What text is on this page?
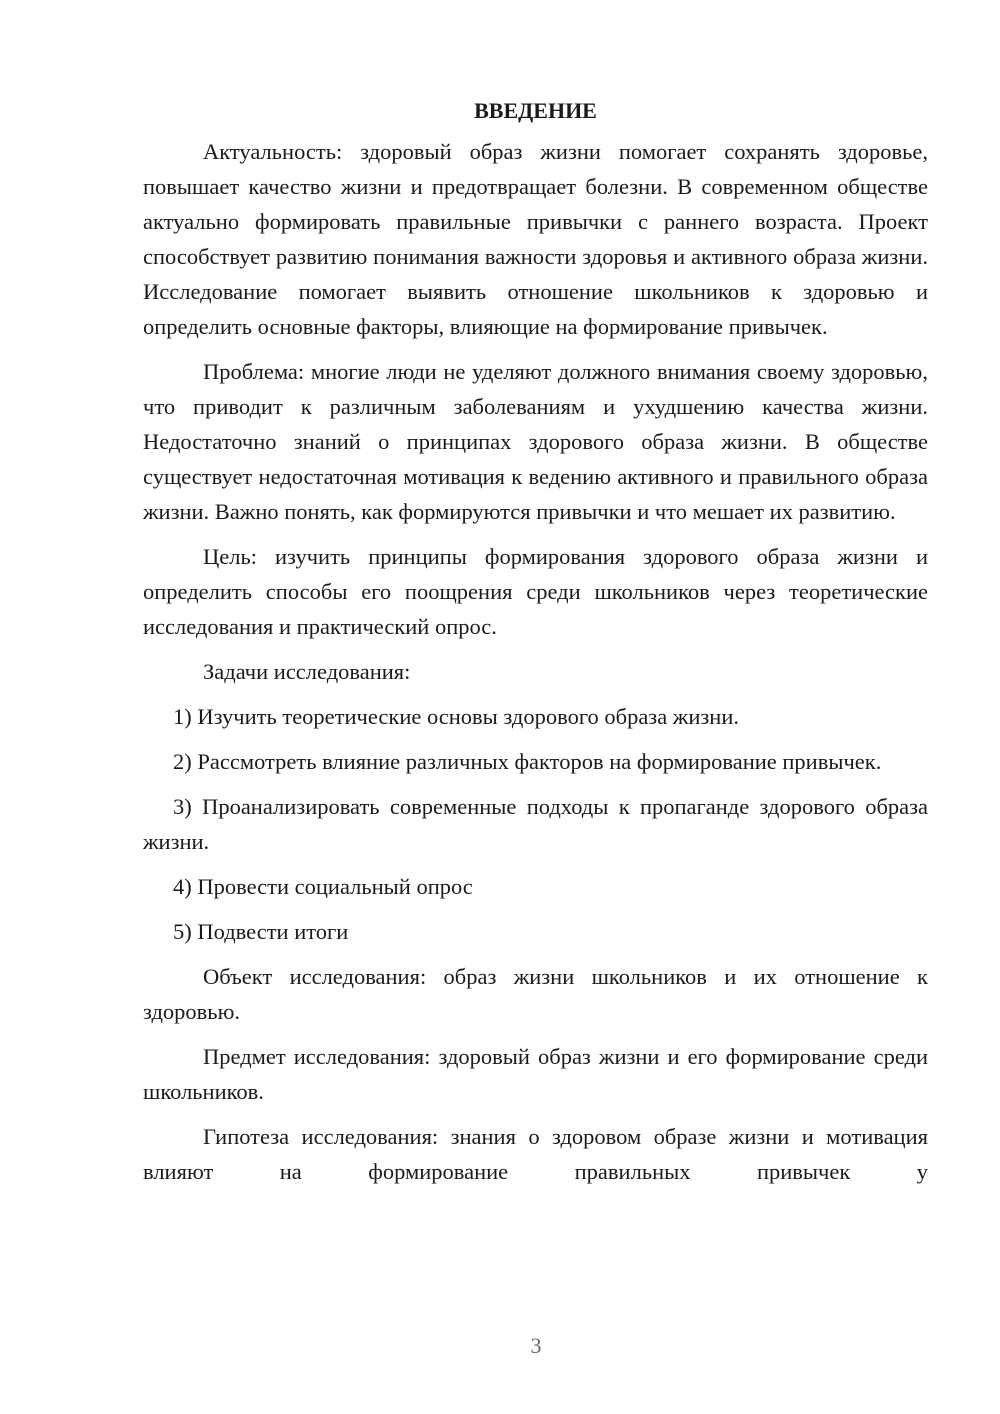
ВВЕДЕНИЕ

Актуальность: здоровый образ жизни помогает сохранять здоровье, повышает качество жизни и предотвращает болезни. В современном обществе актуально формировать правильные привычки с раннего возраста. Проект способствует развитию понимания важности здоровья и активного образа жизни. Исследование помогает выявить отношение школьников к здоровью и определить основные факторы, влияющие на формирование привычек.

Проблема: многие люди не уделяют должного внимания своему здоровью, что приводит к различным заболеваниям и ухудшению качества жизни. Недостаточно знаний о принципах здорового образа жизни. В обществе существует недостаточная мотивация к ведению активного и правильного образа жизни. Важно понять, как формируются привычки и что мешает их развитию.

Цель: изучить принципы формирования здорового образа жизни и определить способы его поощрения среди школьников через теоретические исследования и практический опрос.

Задачи исследования:

1) Изучить теоретические основы здорового образа жизни.

2) Рассмотреть влияние различных факторов на формирование привычек.

3) Проанализировать современные подходы к пропаганде здорового образа жизни.

4) Провести социальный опрос

5) Подвести итоги

Объект исследования: образ жизни школьников и их отношение к здоровью.

Предмет исследования: здоровый образ жизни и его формирование среди школьников.

Гипотеза исследования: знания о здоровом образе жизни и мотивация влияют на формирование правильных привычек у

3
